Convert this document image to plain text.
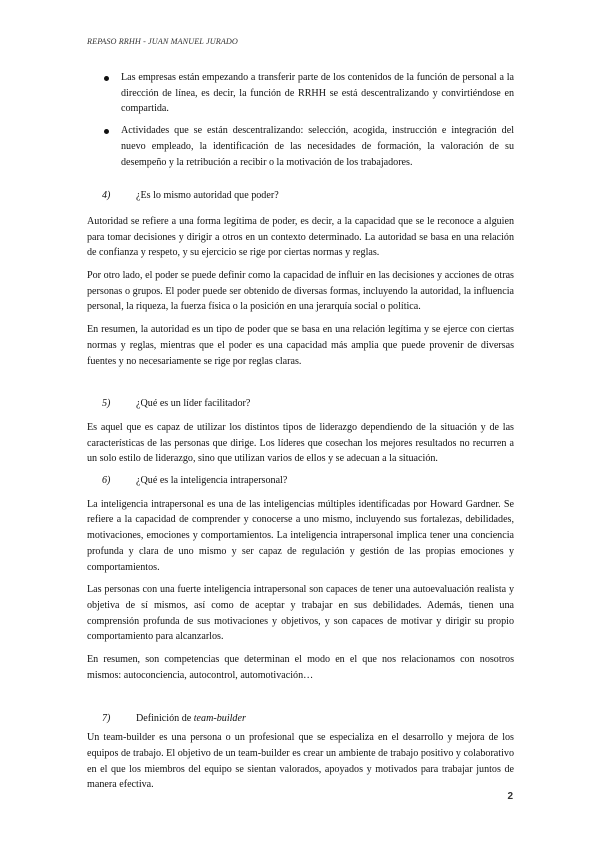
REPASO RRHH - JUAN MANUEL JURADO
Las empresas están empezando a transferir parte de los contenidos de la función de personal a la dirección de línea, es decir, la función de RRHH se está descentralizando y convirtiéndose en compartida.
Actividades que se están descentralizando: selección, acogida, instrucción e integración del nuevo empleado, la identificación de las necesidades de formación, la valoración de su desempeño y la retribución a recibir o la motivación de los trabajadores.
4)	¿Es lo mismo autoridad que poder?

Autoridad se refiere a una forma legítima de poder, es decir, a la capacidad que se le reconoce a alguien para tomar decisiones y dirigir a otros en un contexto determinado. La autoridad se basa en una relación de confianza y respeto, y su ejercicio se rige por ciertas normas y reglas.

Por otro lado, el poder se puede definir como la capacidad de influir en las decisiones y acciones de otras personas o grupos. El poder puede ser obtenido de diversas formas, incluyendo la autoridad, la influencia personal, la riqueza, la fuerza física o la posición en una jerarquía social o política.

En resumen, la autoridad es un tipo de poder que se basa en una relación legítima y se ejerce con ciertas normas y reglas, mientras que el poder es una capacidad más amplia que puede provenir de diversas fuentes y no necesariamente se rige por reglas claras.

5)	¿Qué es un líder facilitador?

Es aquel que es capaz de utilizar los distintos tipos de liderazgo dependiendo de la situación y de las características de las personas que dirige. Los líderes que cosechan los mejores resultados no recurren a un solo estilo de liderazgo, sino que utilizan varios de ellos y se adecuan a la situación.

6)	¿Qué es la inteligencia intrapersonal?

La inteligencia intrapersonal es una de las inteligencias múltiples identificadas por Howard Gardner. Se refiere a la capacidad de comprender y conocerse a uno mismo, incluyendo sus fortalezas, debilidades, motivaciones, emociones y comportamientos. La inteligencia intrapersonal implica tener una conciencia profunda y clara de uno mismo y ser capaz de regulación y gestión de las propias emociones y comportamientos.

Las personas con una fuerte inteligencia intrapersonal son capaces de tener una autoevaluación realista y objetiva de sí mismos, así como de aceptar y trabajar en sus debilidades. Además, tienen una comprensión profunda de sus motivaciones y objetivos, y son capaces de motivar y dirigir su propio comportamiento para alcanzarlos.

En resumen, son competencias que determinan el modo en el que nos relacionamos con nosotros mismos: autoconciencia, autocontrol, automotivación…

7)	Definición de team-builder

Un team-builder es una persona o un profesional que se especializa en el desarrollo y mejora de los equipos de trabajo. El objetivo de un team-builder es crear un ambiente de trabajo positivo y colaborativo en el que los miembros del equipo se sientan valorados, apoyados y motivados para trabajar juntos de manera efectiva.

2
